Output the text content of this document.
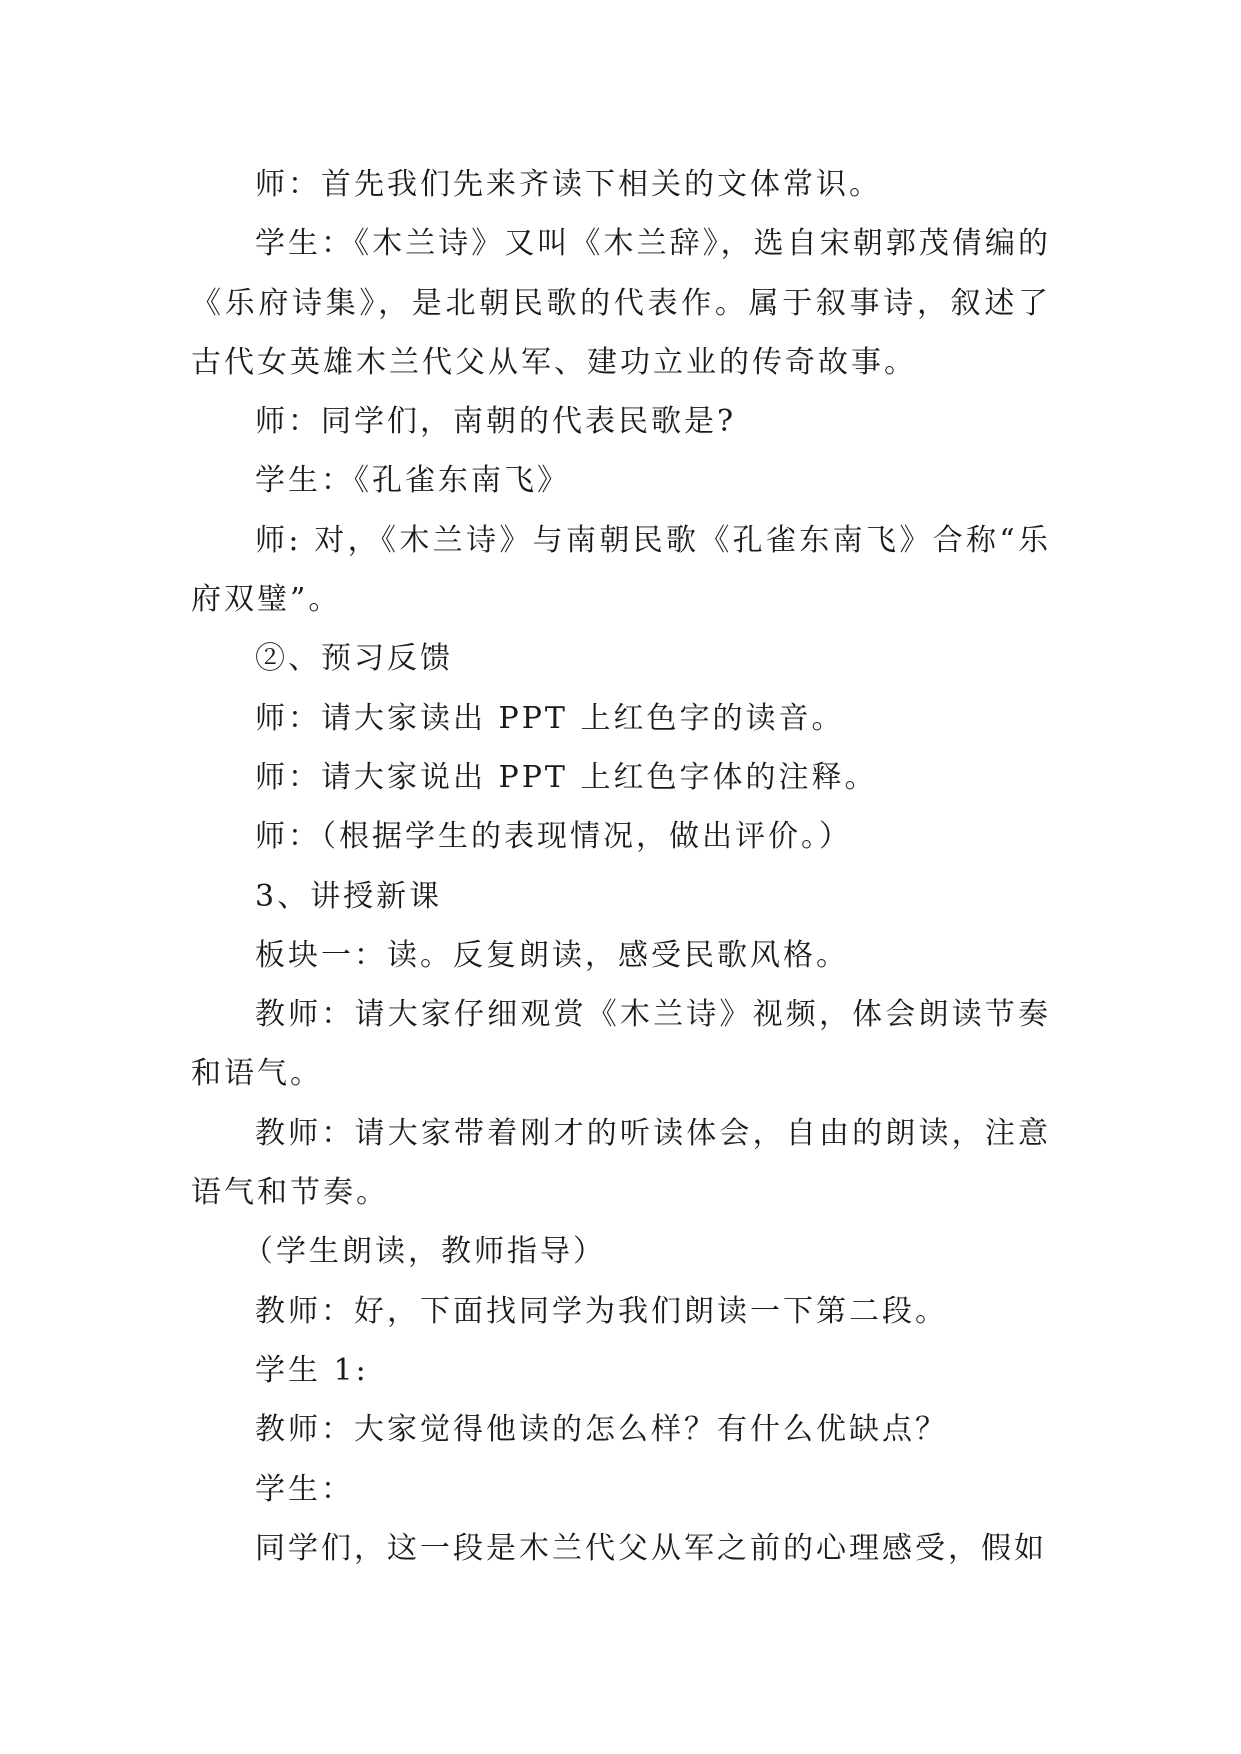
师：首先我们先来齐读下相关的文体常识。

学生：《木兰诗》又叫《木兰辞》，选自宋朝郭茂倩编的《乐府诗集》，是北朝民歌的代表作。属于叙事诗，叙述了古代女英雄木兰代父从军、建功立业的传奇故事。

师：同学们，南朝的代表民歌是?

学生：《孔雀东南飞》

师: 对，《木兰诗》与南朝民歌《孔雀东南飞》合称“乐府双璧”。

②、预习反馈

师：请大家读出 PPT 上红色字的读音。

师：请大家说出 PPT 上红色字体的注释。

师：（根据学生的表现情况，做出评价。）

3、讲授新课

板块一：读。反复朗读，感受民歌风格。

教师：请大家仔细观赏《木兰诗》视频，体会朗读节奏和语气。

教师：请大家带着刚才的听读体会，自由的朗读，注意语气和节奏。

（学生朗读，教师指导）

教师：好，下面找同学为我们朗读一下第二段。

学生 1:

教师：大家觉得他读的怎么样？有什么优缺点？

学生：

同学们，这一段是木兰代父从军之前的心理感受，假如
